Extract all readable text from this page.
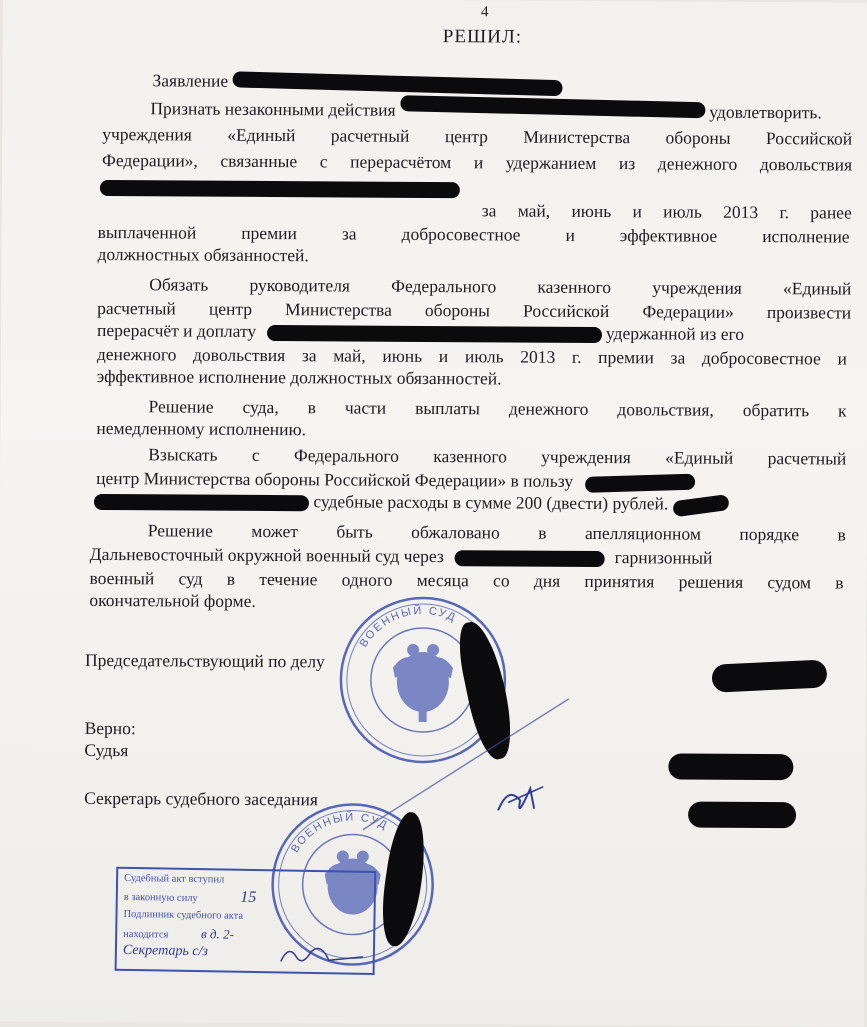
4
РЕШИЛ:
Заявление
Признать незаконными действия	удовлетворить.
учреждения «Единый расчетный центр Министерства обороны Российской
Федерации», связанные с перерасчётом и удержанием из денежного довольствия
за май, июнь и июль 2013 г. ранее
выплаченной премии за добросовестное и эффективное исполнение
должностных обязанностей.
Обязать руководителя Федерального казенного учреждения «Единый
расчетный центр Министерства обороны Российской Федерации» произвести
перерасчёт и доплату	удержанной из его
денежного довольствия за май, июнь и июль 2013 г. премии за добросовестное и
эффективное исполнение должностных обязанностей.
Решение суда, в части выплаты денежного довольствия, обратить к
немедленному исполнению.
Взыскать с Федерального казенного учреждения «Единый расчетный
центр Министерства обороны Российской Федерации» в пользу
судебные расходы в сумме 200 (двести) рублей.
Решение может быть обжаловано в апелляционном порядке в
Дальневосточный окружной военный суд через	гарнизонный
военный суд в течение одного месяца со дня принятия решения судом в
окончательной форме.
Председательствующий по делу
Верно:
Судья
Секретарь судебного заседания
ВОЕННЫЙ СУД
ВОЕННЫЙ СУД
Судебный акт вступил
в законную силу	15
Подлинник судебного акта
находится в д. 2-
Секретарь с/з
